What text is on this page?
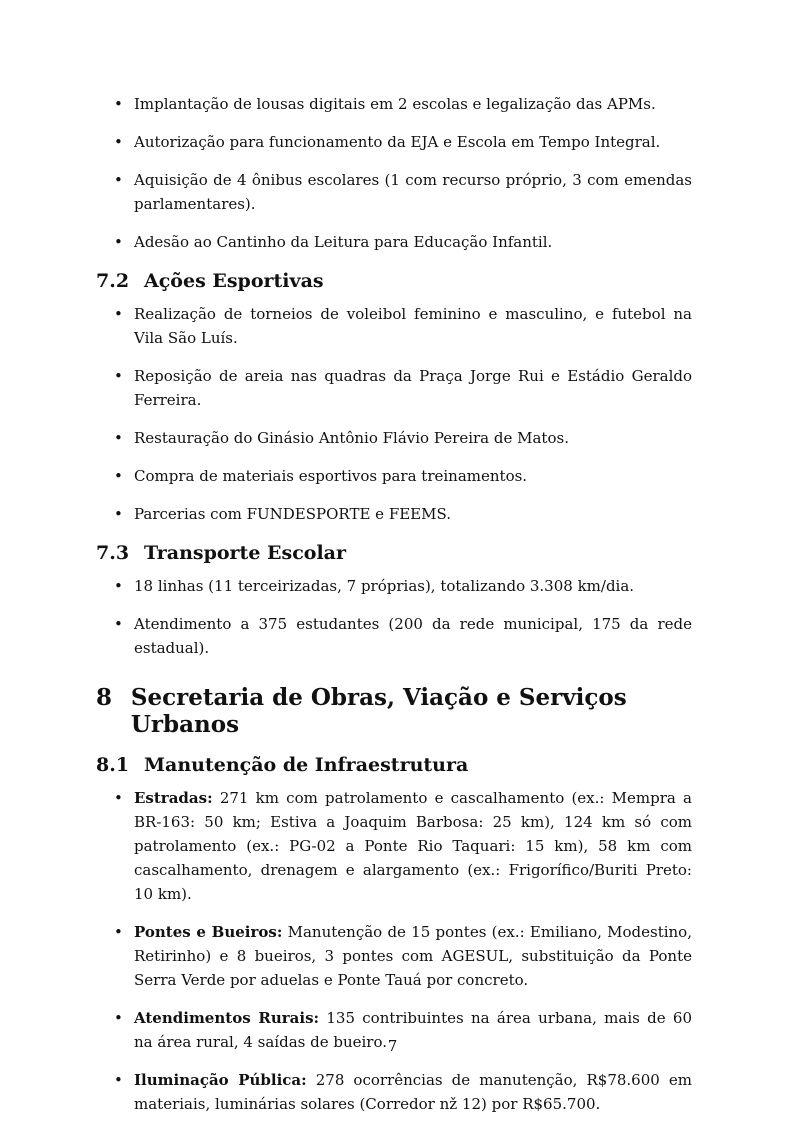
• Implantação de lousas digitais em 2 escolas e legalização das APMs.
• Autorização para funcionamento da EJA e Escola em Tempo Integral.
• Aquisição de 4 ônibus escolares (1 com recurso próprio, 3 com emendas parlamentares).
• Adesão ao Cantinho da Leitura para Educação Infantil.
7.2 Ações Esportivas
• Realização de torneios de voleibol feminino e masculino, e futebol na Vila São Luís.
• Reposição de areia nas quadras da Praça Jorge Rui e Estádio Geraldo Ferreira.
• Restauração do Ginásio Antônio Flávio Pereira de Matos.
• Compra de materiais esportivos para treinamentos.
• Parcerias com FUNDESPORTE e FEEMS.
7.3 Transporte Escolar
• 18 linhas (11 terceirizadas, 7 próprias), totalizando 3.308 km/dia.
• Atendimento a 375 estudantes (200 da rede municipal, 175 da rede estadual).
8 Secretaria de Obras, Viação e Serviços Urbanos
8.1 Manutenção de Infraestrutura
• Estradas: 271 km com patrolamento e cascalhamento (ex.: Mempra a BR-163: 50 km; Estiva a Joaquim Barbosa: 25 km), 124 km só com patrolamento (ex.: PG-02 a Ponte Rio Taquari: 15 km), 58 km com cascalhamento, drenagem e alargamento (ex.: Frigorífico/Buriti Preto: 10 km).
• Pontes e Bueiros: Manutenção de 15 pontes (ex.: Emiliano, Modestino, Retirinho) e 8 bueiros, 3 pontes com AGESUL, substituição da Ponte Serra Verde por aduelas e Ponte Tauá por concreto.
• Atendimentos Rurais: 135 contribuintes na área urbana, mais de 60 na área rural, 4 saídas de bueiro.
• Iluminação Pública: 278 ocorrências de manutenção, R$78.600 em materiais, luminárias solares (Corredor nž 12) por R$65.700.
7
